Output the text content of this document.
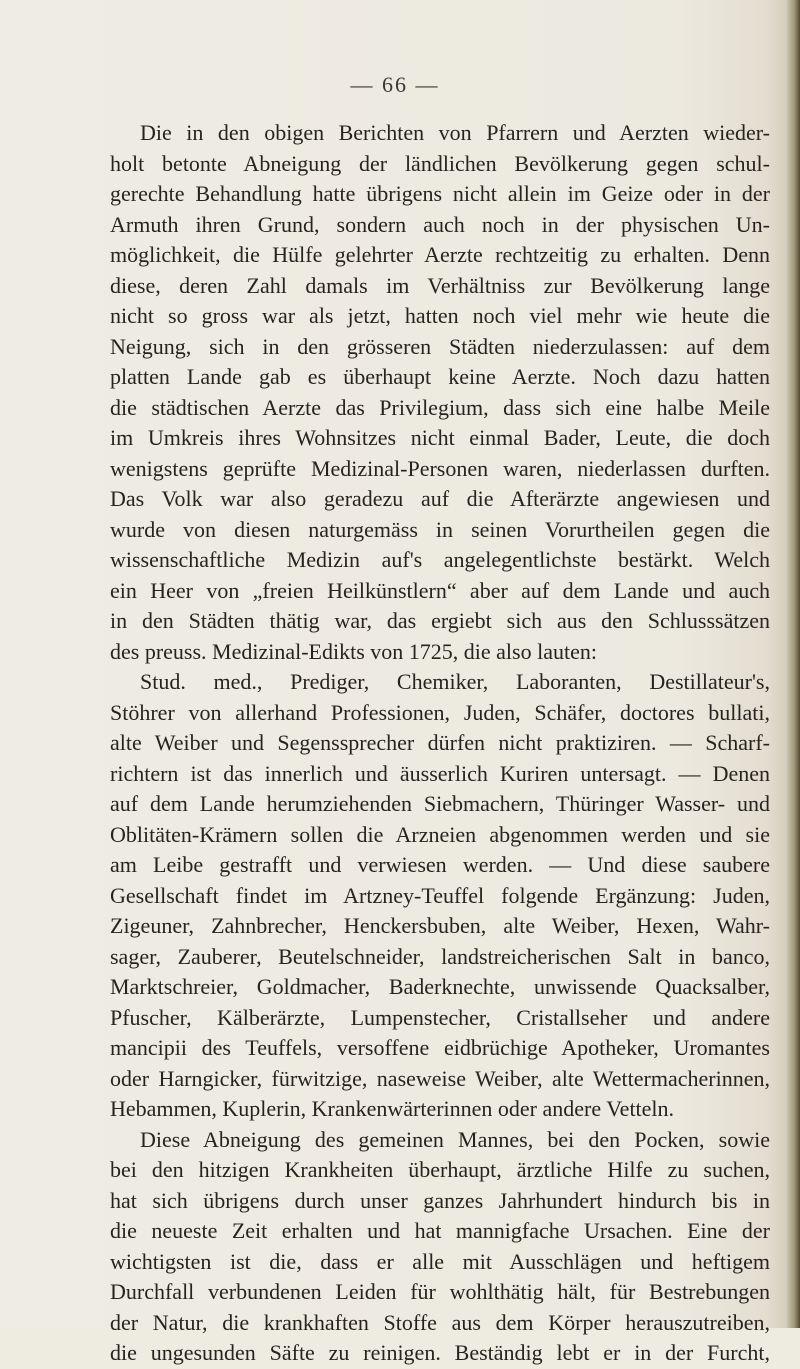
— 66 —
Die in den obigen Berichten von Pfarrern und Aerzten wieder-
holt betonte Abneigung der ländlichen Bevölkerung gegen schul-
gerechte Behandlung hatte übrigens nicht allein im Geize oder in der
Armuth ihren Grund, sondern auch noch in der physischen Un-
möglichkeit, die Hülfe gelehrter Aerzte rechtzeitig zu erhalten. Denn
diese, deren Zahl damals im Verhältniss zur Bevölkerung lange
nicht so gross war als jetzt, hatten noch viel mehr wie heute die
Neigung, sich in den grösseren Städten niederzulassen: auf dem
platten Lande gab es überhaupt keine Aerzte. Noch dazu hatten
die städtischen Aerzte das Privilegium, dass sich eine halbe Meile
im Umkreis ihres Wohnsitzes nicht einmal Bader, Leute, die doch
wenigstens geprüfte Medizinal-Personen waren, niederlassen durften.
Das Volk war also geradezu auf die Afterärzte angewiesen und
wurde von diesen naturgemäss in seinen Vorurtheilen gegen die
wissenschaftliche Medizin auf's angelegentlichste bestärkt. Welch
ein Heer von „freien Heilkünstlern“ aber auf dem Lande und auch
in den Städten thätig war, das ergiebt sich aus den Schlusssätzen
des preuss. Medizinal-Edikts von 1725, die also lauten:
Stud. med., Prediger, Chemiker, Laboranten, Destillateur's,
Stöhrer von allerhand Professionen, Juden, Schäfer, doctores bullati,
alte Weiber und Segenssprecher dürfen nicht praktiziren. — Scharf-
richtern ist das innerlich und äusserlich Kuriren untersagt. — Denen
auf dem Lande herumziehenden Siebmachern, Thüringer Wasser- und
Oblitäten-Krämern sollen die Arzneien abgenommen werden und sie
am Leibe gestrafft und verwiesen werden. — Und diese saubere
Gesellschaft findet im Artzney-Teuffel folgende Ergänzung: Juden,
Zigeuner, Zahnbrecher, Henckersbuben, alte Weiber, Hexen, Wahr-
sager, Zauberer, Beutelschneider, landstreicherischen Salt in banco,
Marktschreier, Goldmacher, Baderknechte, unwissende Quacksalber,
Pfuscher, Kälberärzte, Lumpenstecher, Cristallseher und andere
mancipii des Teuffels, versoffene eidbrüchige Apotheker, Uromantes
oder Harngicker, fürwitzige, naseweise Weiber, alte Wettermacherinnen,
Hebammen, Kuplerin, Krankenwärterinnen oder andere Vetteln.
Diese Abneigung des gemeinen Mannes, bei den Pocken, sowie
bei den hitzigen Krankheiten überhaupt, ärztliche Hilfe zu suchen,
hat sich übrigens durch unser ganzes Jahrhundert hindurch bis in
die neueste Zeit erhalten und hat mannigfache Ursachen. Eine der
wichtigsten ist die, dass er alle mit Ausschlägen und heftigem
Durchfall verbundenen Leiden für wohlthätig hält, für Bestrebungen
der Natur, die krankhaften Stoffe aus dem Körper herauszutreiben,
die ungesunden Säfte zu reinigen. Beständig lebt er in der Furcht,
